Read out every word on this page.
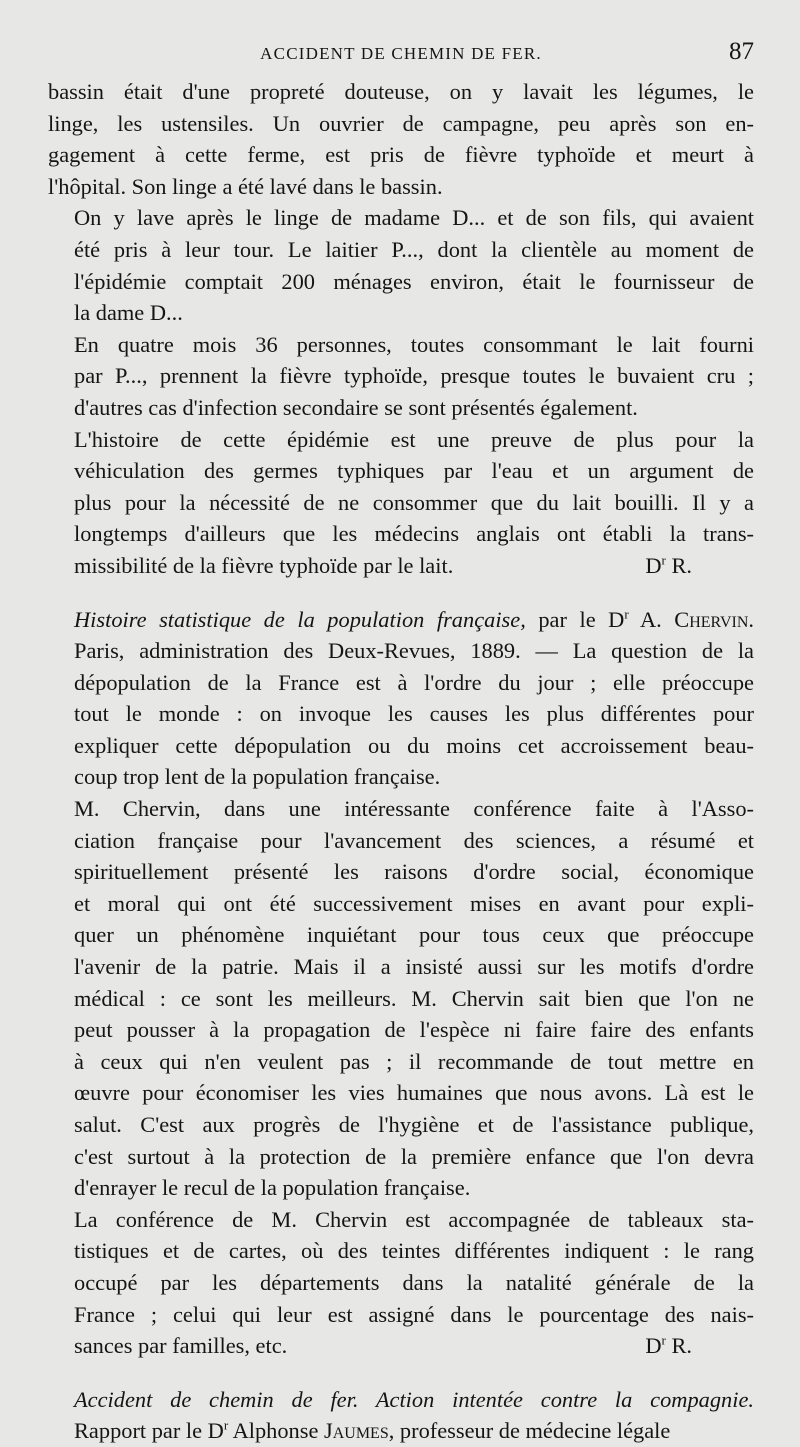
ACCIDENT DE CHEMIN DE FER.	87

bassin était d'une propreté douteuse, on y lavait les légumes, le
linge, les ustensiles. Un ouvrier de campagne, peu après son en-
gagement à cette ferme, est pris de fièvre typhoïde et meurt à
l'hôpital. Son linge a été lavé dans le bassin.

On y lave après le linge de madame D... et de son fils, qui avaient
été pris à leur tour. Le laitier P..., dont la clientèle au moment de
l'épidémie comptait 200 ménages environ, était le fournisseur de
la dame D...

En quatre mois 36 personnes, toutes consommant le lait fourni
par P..., prennent la fièvre typhoïde, presque toutes le buvaient cru ;
d'autres cas d'infection secondaire se sont présentés également.

L'histoire de cette épidémie est une preuve de plus pour la
véhiculation des germes typhiques par l'eau et un argument de
plus pour la nécessité de ne consommer que du lait bouilli. Il y a
longtemps d'ailleurs que les médecins anglais ont établi la trans-
missibilité de la fièvre typhoïde par le lait.	$D^r$ R.

Histoire statistique de la population française, par le $D^r$ A. Chervin.
Paris, administration des Deux-Revues, 1889. — La question de la
dépopulation de la France est à l'ordre du jour ; elle préoccupe
tout le monde : on invoque les causes les plus différentes pour
expliquer cette dépopulation ou du moins cet accroissement beau-
coup trop lent de la population française.

M. Chervin, dans une intéressante conférence faite à l'Asso-
ciation française pour l'avancement des sciences, a résumé et
spirituellement présenté les raisons d'ordre social, économique
et moral qui ont été successivement mises en avant pour expli-
quer un phénomène inquiétant pour tous ceux que préoccupe
l'avenir de la patrie. Mais il a insisté aussi sur les motifs d'ordre
médical : ce sont les meilleurs. M. Chervin sait bien que l'on ne
peut pousser à la propagation de l'espèce ni faire faire des enfants
à ceux qui n'en veulent pas ; il recommande de tout mettre en
œuvre pour économiser les vies humaines que nous avons. Là est le
salut. C'est aux progrès de l'hygiène et de l'assistance publique,
c'est surtout à la protection de la première enfance que l'on devra
d'enrayer le recul de la population française.

La conférence de M. Chervin est accompagnée de tableaux sta-
tistiques et de cartes, où des teintes différentes indiquent : le rang
occupé par les départements dans la natalité générale de la
France ; celui qui leur est assigné dans le pourcentage des nais-
sances par familles, etc.	$D^r$ R.

Accident de chemin de fer. Action intentée contre la compagnie.
Rapport par le $D^r$ Alphonse Jaumes, professeur de médecine légale
